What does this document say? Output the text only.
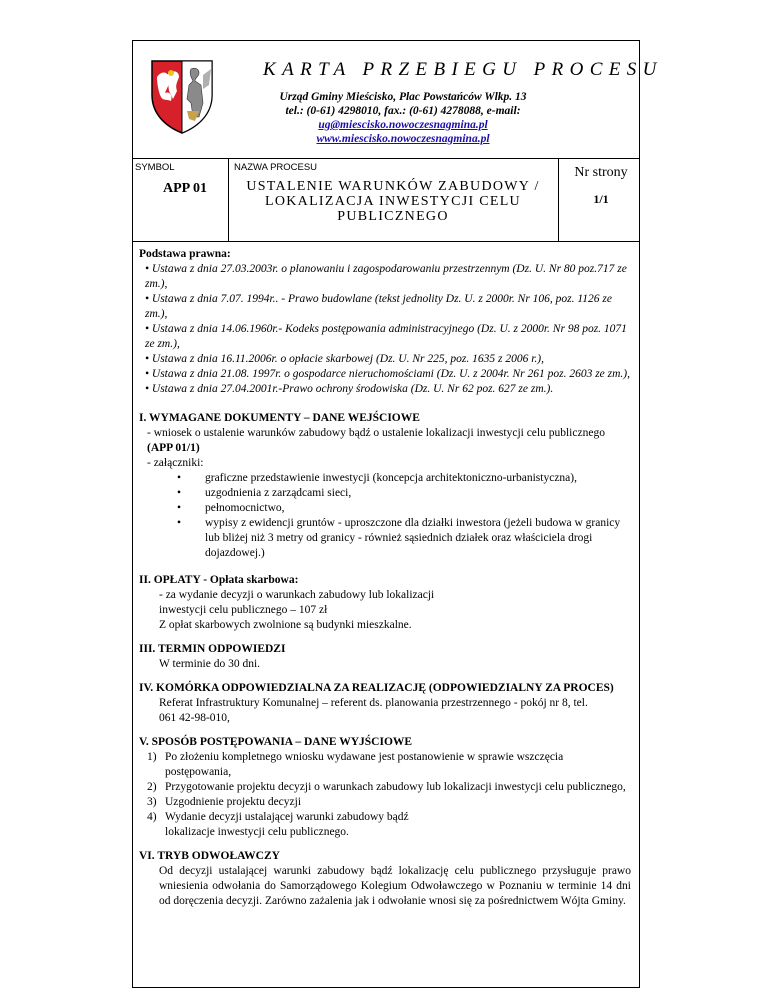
KARTA PRZEBIEGU PROCESU
Urząd Gminy Mieścisko, Plac Powstańców Wlkp. 13
tel.: (0-61) 4298010, fax.: (0-61) 4278088, e-mail:
ug@miescisko.nowoczesnagmina.pl
www.miescisko.nowoczesnagmina.pl
SYMBOL
APP 01
NAZWA PROCESU
USTALENIE WARUNKÓW ZABUDOWY / LOKALIZACJA INWESTYCJI CELU PUBLICZNEGO
Nr strony
1/1

Podstawa prawna:

• Ustawa z dnia 27.03.2003r. o planowaniu i zagospodarowaniu przestrzennym (Dz. U. Nr 80 poz.717 ze zm.),

• Ustawa z dnia 7.07. 1994r.. - Prawo budowlane (tekst jednolity Dz. U. z 2000r. Nr 106, poz. 1126 ze zm.),

• Ustawa z dnia 14.06.1960r.- Kodeks postępowania administracyjnego (Dz. U. z 2000r. Nr 98 poz. 1071 ze zm.),

• Ustawa z dnia 16.11.2006r. o opłacie skarbowej (Dz. U. Nr 225, poz. 1635 z 2006 r.),

• Ustawa z dnia 21.08. 1997r. o gospodarce nieruchomościami (Dz. U. z 2004r. Nr 261 poz. 2603 ze zm.),

• Ustawa z dnia 27.04.2001r.-Prawo ochrony środowiska (Dz. U. Nr 62 poz. 627 ze zm.).

I. WYMAGANE DOKUMENTY – DANE WEJŚCIOWE

- wniosek o ustalenie warunków zabudowy bądź o ustalenie lokalizacji inwestycji celu publicznego (APP 01/1)

- załączniki:

• graficzne przedstawienie inwestycji (koncepcja architektoniczno-urbanistyczna),
• uzgodnienia z zarządcami sieci,
• pełnomocnictwo,
• wypisy z ewidencji gruntów - uproszczone dla działki inwestora (jeżeli budowa w granicy lub bliżej niż 3 metry od granicy - również sąsiednich działek oraz właściciela drogi dojazdowej.)

II. OPŁATY - Opłata skarbowa:

- za wydanie decyzji o warunkach zabudowy lub lokalizacji inwestycji celu publicznego – 107 zł

Z opłat skarbowych zwolnione są budynki mieszkalne.

III. TERMIN ODPOWIEDZI

W terminie do 30 dni.

IV. KOMÓRKA ODPOWIEDZIALNA ZA REALIZACJĘ (ODPOWIEDZIALNY ZA PROCES)

Referat Infrastruktury Komunalnej – referent ds. planowania przestrzennego - pokój nr 8, tel. 061 42-98-010,

V. SPOSÓB POSTĘPOWANIA – DANE WYJŚCIOWE

1) Po złożeniu kompletnego wniosku wydawane jest postanowienie w sprawie wszczęcia postępowania,
2) Przygotowanie projektu decyzji o warunkach zabudowy lub lokalizacji inwestycji celu publicznego,
3) Uzgodnienie projektu decyzji
4) Wydanie decyzji ustalającej warunki zabudowy bądź lokalizacje inwestycji celu publicznego.

VI. TRYB ODWOŁAWCZY

Od decyzji ustalającej warunki zabudowy bądź lokalizację celu publicznego przysługuje prawo wniesienia odwołania do Samorządowego Kolegium Odwoławczego w Poznaniu w terminie 14 dni od doręczenia decyzji. Zarówno zażalenia jak i odwołanie wnosi się za pośrednictwem Wójta Gminy.
